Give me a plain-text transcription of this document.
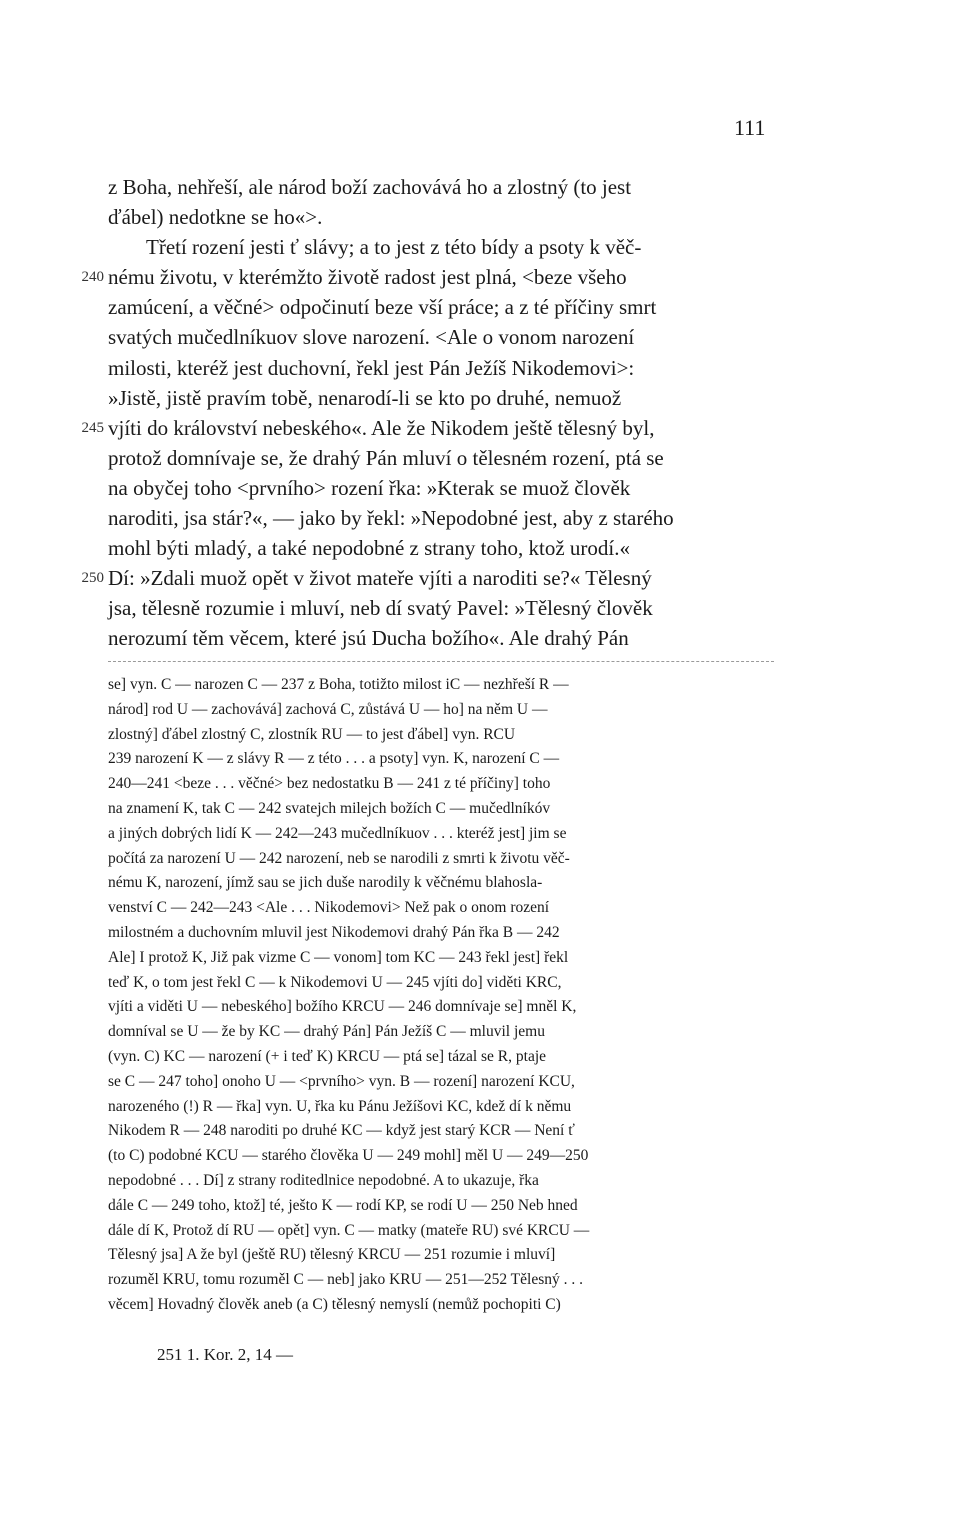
111
z Boha, nehřeší, ale národ boží zachovává ho a zlostný (to jest
ďábel) nedotkne se ho«>.
Třetí rození jesti ť slávy; a to jest z této bídy a psoty k věč-
240 nému životu, v kterémžto životě radost jest plná, <beze všeho
zamúcení, a věčné> odpočinutí beze vší práce; a z té příčiny smrt
svatých mučedlníkuov slove narození. <Ale o vonom narození
milosti, kteréž jest duchovní, řekl jest Pán Ježíš Nikodemovi>:
»Jistě, jistě pravím tobě, nenarodí-li se kto po druhé, nemuož
245 vjíti do království nebeského«. Ale že Nikodem ještě tělesný byl,
protož domnívaje se, že drahý Pán mluví o tělesném rození, ptá se
na obyčej toho <prvního> rození řka: »Kterak se muož člověk
naroditi, jsa stár?«, — jako by řekl: »Nepodobné jest, aby z starého
mohl býti mladý, a také nepodobné z strany toho, ktož urodí.«
250 Dí: »Zdali muož opět v život mateře vjíti a naroditi se?« Tělesný
jsa, tělesně rozumie i mluví, neb dí svatý Pavel: »Tělesný člověk
nerozumí těm věcem, které jsú Ducha božího«. Ale drahý Pán
se] vyn. C — narozen C — 237 z Boha, totižto milost iC — nezhřeší R —
národ] rod U — zachovává] zachová C, zůstává U — ho] na něm U —
zlostný] ďábel zlostný C, zlostník RU — to jest ďábel] vyn. RCU
239 narození K — z slávy R — z této . . . a psoty] vyn. K, narození C —
240—241 <beze . . . věčné> bez nedostatku B — 241 z té příčiny] toho
na znamení K, tak C — 242 svatejch milejch božích C — mučedlníkóv
a jiných dobrých lidí K — 242—243 mučedlníkuov . . . kteréž jest] jim se
počítá za narození U — 242 narození, neb se narodili z smrti k životu věč-
nému K, narození, jímž sau se jich duše narodily k věčnému blahosla-
venství C — 242—243 <Ale . . . Nikodemovi> Než pak o onom rození
milostném a duchovním mluvil jest Nikodemovi drahý Pán řka B — 242
Ale] I protož K, Již pak vizme C — vonom] tom KC — 243 řekl jest] řekl
teď K, o tom jest řekl C — k Nikodemovi U — 245 vjíti do] viděti KRC,
vjíti a viděti U — nebeského] božího KRCU — 246 domnívaje se] mněl K,
domníval se U — že by KC — drahý Pán] Pán Ježíš C — mluvil jemu
(vyn. C) KC — narození (+ i teď K) KRCU — ptá se] tázal se R, ptaje
se C — 247 toho] onoho U — <prvního> vyn. B — rození] narození KCU,
narozeného (!) R — řka] vyn. U, řka ku Pánu Ježíšovi KC, kdež dí k němu
Nikodem R — 248 naroditi po druhé KC — když jest starý KCR — Není ť
(to C) podobné KCU — starého člověka U — 249 mohl] měl U — 249—250
nepodobné . . . Dí] z strany roditedlnice nepodobné. A to ukazuje, řka
dále C — 249 toho, ktož] té, ješto K — rodí KP, se rodí U — 250 Neb hned
dále dí K, Protož dí RU — opět] vyn. C — matky (mateře RU) své KRCU —
Tělesný jsa] A že byl (ještě RU) tělesný KRCU — 251 rozumie i mluví]
rozuměl KRU, tomu rozuměl C — neb] jako KRU — 251—252 Tělesný . . .
věcem] Hovadný člověk aneb (a C) tělesný nemyslí (nemůž pochopiti C)
251 1. Kor. 2, 14 —
